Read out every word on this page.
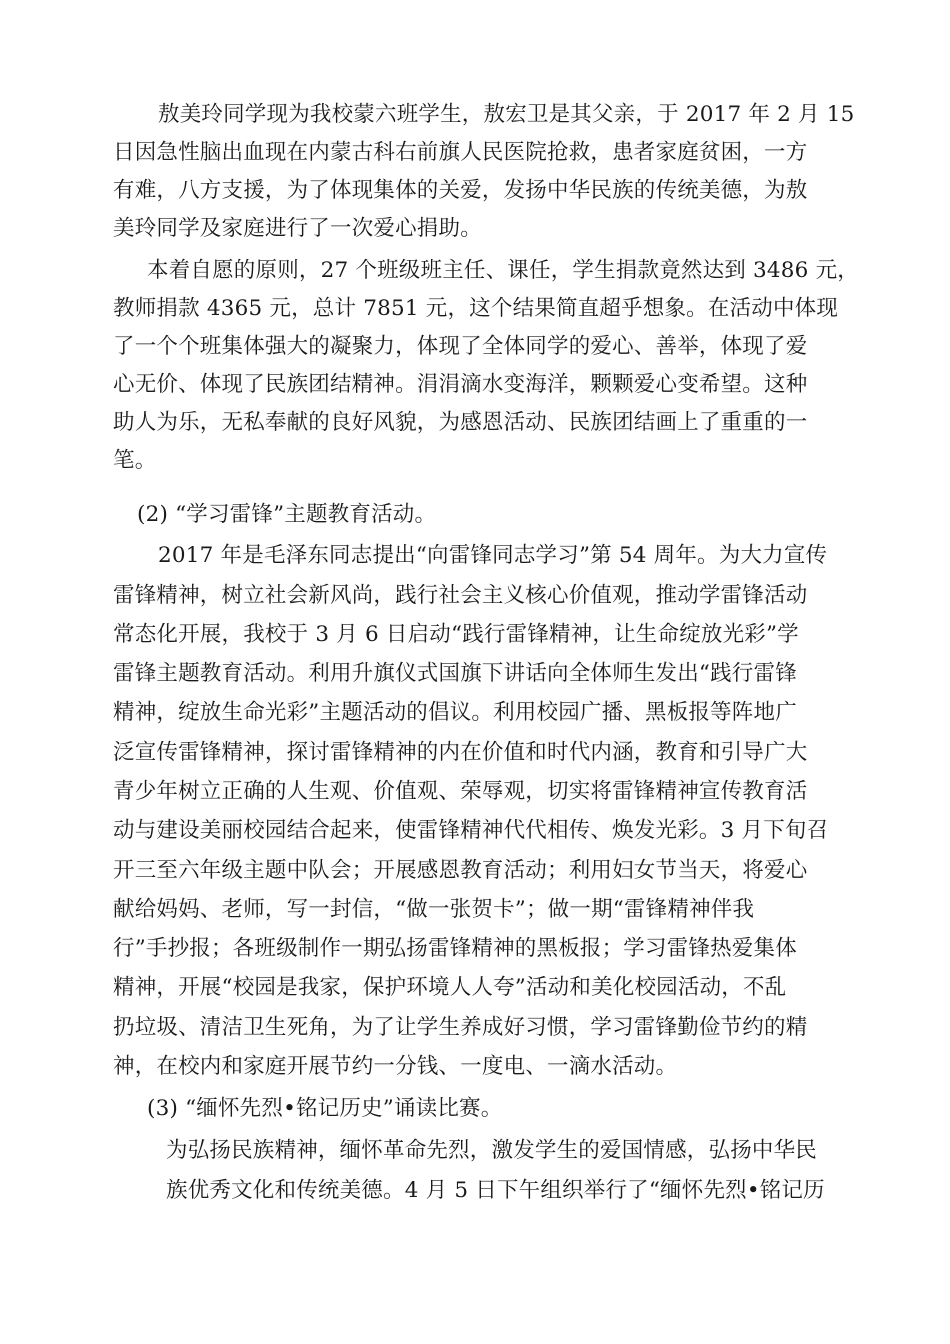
敖美玲同学现为我校蒙六班学生，敖宏卫是其父亲，于 2017 年 2 月 15
日因急性脑出血现在内蒙古科右前旗人民医院抢救，患者家庭贫困，一方
有难，八方支援，为了体现集体的关爱，发扬中华民族的传统美德，为敖
美玲同学及家庭进行了一次爱心捐助。
本着自愿的原则，27 个班级班主任、课任，学生捐款竟然达到 3486 元，
教师捐款 4365 元，总计 7851 元，这个结果简直超乎想象。在活动中体现
了一个个班集体强大的凝聚力，体现了全体同学的爱心、善举，体现了爱
心无价、体现了民族团结精神。涓涓滴水变海洋，颗颗爱心变希望。这种
助人为乐，无私奉献的良好风貌，为感恩活动、民族团结画上了重重的一
笔。
(2) “学习雷锋”主题教育活动。
2017 年是毛泽东同志提出“向雷锋同志学习”第 54 周年。为大力宣传
雷锋精神，树立社会新风尚，践行社会主义核心价值观，推动学雷锋活动
常态化开展，我校于 3 月 6 日启动“践行雷锋精神，让生命绽放光彩”学
雷锋主题教育活动。利用升旗仪式国旗下讲话向全体师生发出“践行雷锋
精神，绽放生命光彩”主题活动的倡议。利用校园广播、黑板报等阵地广
泛宣传雷锋精神，探讨雷锋精神的内在价值和时代内涵，教育和引导广大
青少年树立正确的人生观、价值观、荣辱观，切实将雷锋精神宣传教育活
动与建设美丽校园结合起来，使雷锋精神代代相传、焕发光彩。3 月下旬召
开三至六年级主题中队会；开展感恩教育活动；利用妇女节当天，将爱心
献给妈妈、老师，写一封信，“做一张贺卡”；做一期“雷锋精神伴我
行”手抄报；各班级制作一期弘扬雷锋精神的黑板报；学习雷锋热爱集体
精神，开展“校园是我家，保护环境人人夸”活动和美化校园活动，不乱
扔垃圾、清洁卫生死角，为了让学生养成好习惯，学习雷锋勤俭节约的精
神，在校内和家庭开展节约一分钱、一度电、一滴水活动。
(3) “缅怀先烈•铭记历史”诵读比赛。
为弘扬民族精神，缅怀革命先烈，激发学生的爱国情感，弘扬中华民
族优秀文化和传统美德。4 月 5 日下午组织举行了“缅怀先烈•铭记历
